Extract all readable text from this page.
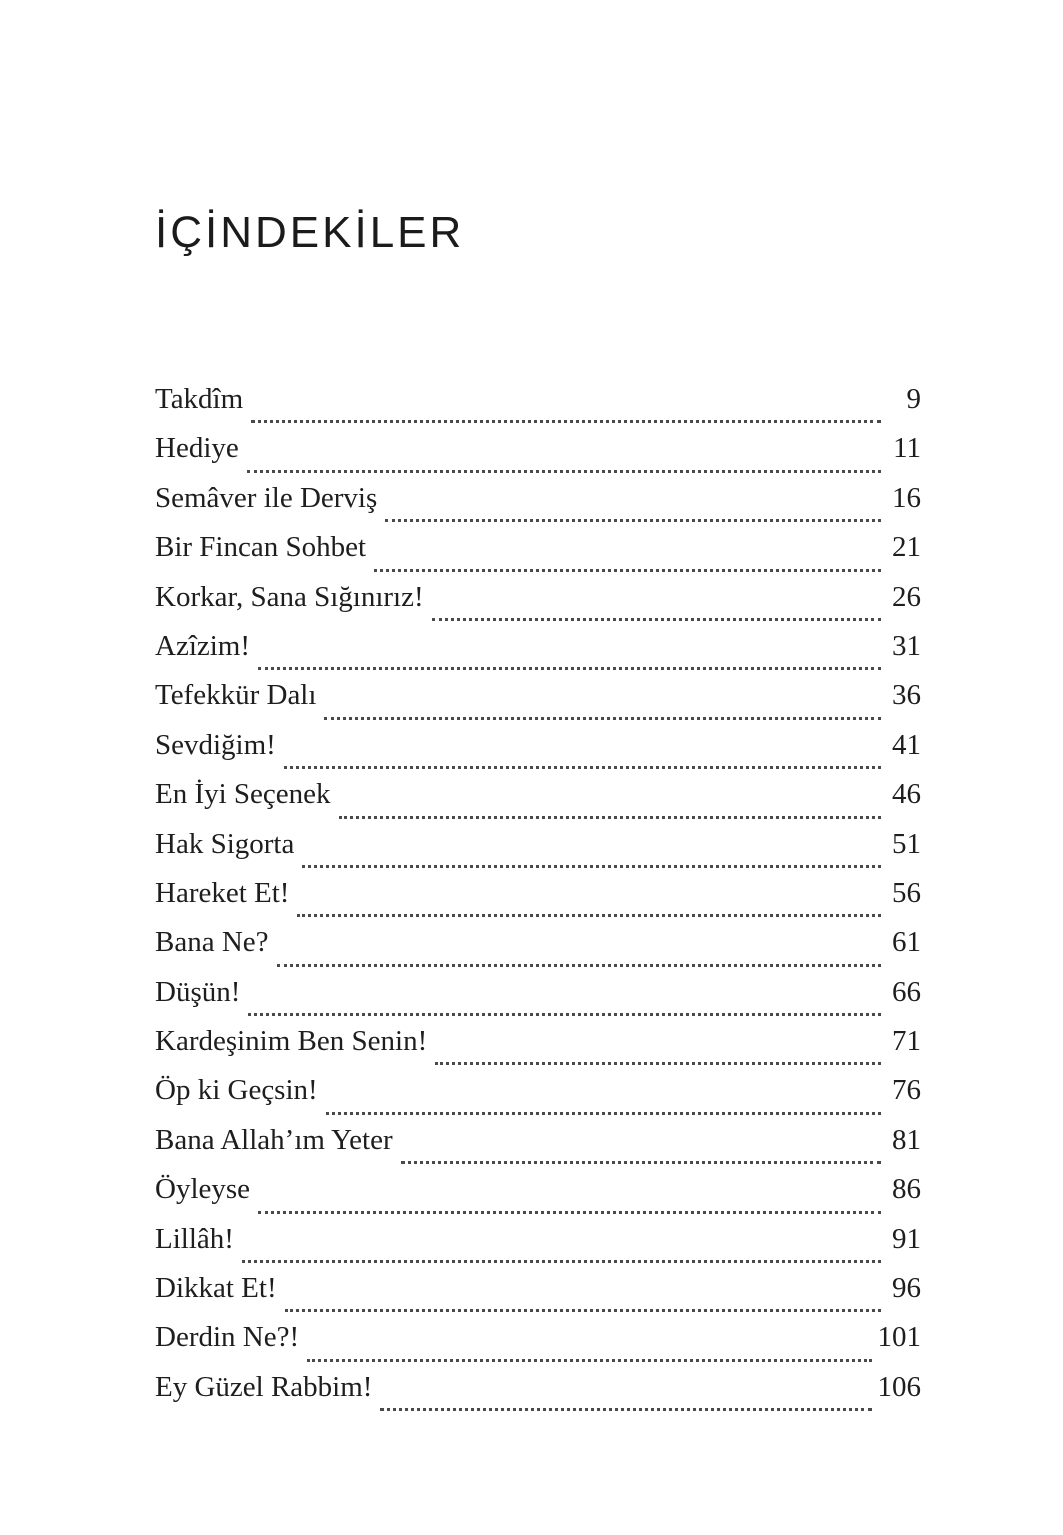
İÇİNDEKİLER
Takdîm	9
Hediye	11
Semâver ile Derviş	16
Bir Fincan Sohbet	21
Korkar, Sana Sığınırız!	26
Azîzim!	31
Tefekkür Dalı	36
Sevdiğim!	41
En İyi Seçenek	46
Hak Sigorta	51
Hareket Et!	56
Bana Ne?	61
Düşün!	66
Kardeşinim Ben Senin!	71
Öp ki Geçsin!	76
Bana Allah’ım Yeter	81
Öyleyse	86
Lillâh!	91
Dikkat Et!	96
Derdin Ne?!	101
Ey Güzel Rabbim!	106
